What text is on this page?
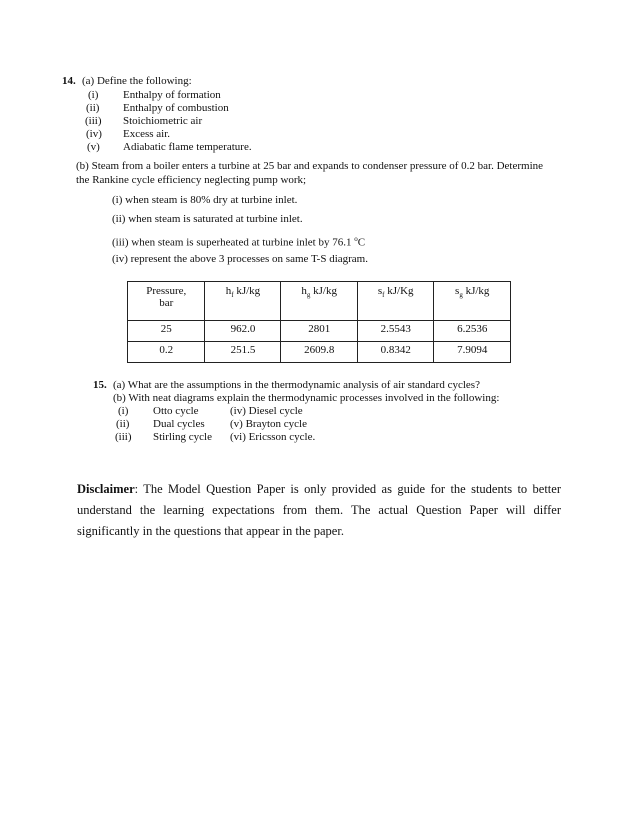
14. (a) Define the following:
(i) Enthalpy of formation
(ii) Enthalpy of combustion
(iii) Stoichiometric air
(iv) Excess air.
(v) Adiabatic flame temperature.
(b) Steam from a boiler enters a turbine at 25 bar and expands to condenser pressure of 0.2 bar. Determine
the Rankine cycle efficiency neglecting pump work;
(i) when steam is 80% dry at turbine inlet.
(ii) when steam is saturated at turbine inlet.
(iii) when steam is superheated at turbine inlet by 76.1 $^o$C
(iv) represent the above 3 processes on same T-S diagram.
Pressure,
bar	$h_f$ kJ/kg	$h_g$ kJ/kg	$s_f$ kJ/Kg	$s_g$ kJ/kg
25	962.0	2801	2.5543	6.2536
0.2	251.5	2609.8	0.8342	7.9094
15. (a) What are the assumptions in the thermodynamic analysis of air standard cycles?
(b) With neat diagrams explain the thermodynamic processes involved in the following:
(i) Otto cycle	(iv) Diesel cycle
(ii) Dual cycles (v) Brayton cycle
(iii) Stirling cycle (vi) Ericsson cycle.
Disclaimer: The Model Question Paper is only provided as guide for the students to better understand the learning expectations from them. The actual Question Paper will differ significantly in the questions that appear in the paper.
